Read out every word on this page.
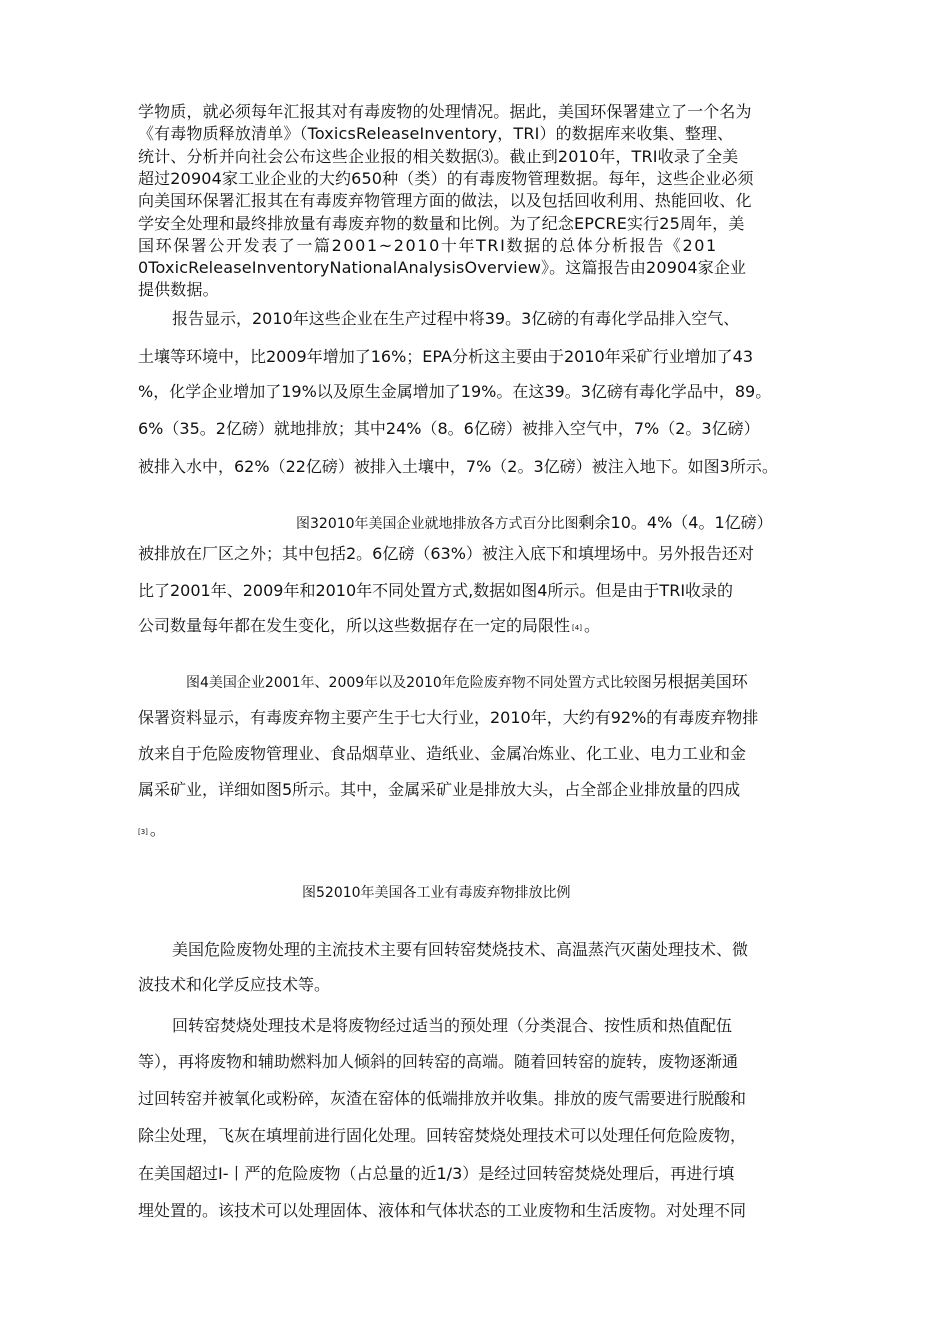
学物质，就必须每年汇报其对有毒废物的处理情况。据此，美国环保署建立了一个名为
《有毒物质释放清单》（ToxicsReleaseInventory，TRI）的数据库来收集、整理、
统计、分析并向社会公布这些企业报的相关数据⑶。截止到2010年，TRI收录了全美
超过20904家工业企业的大约650种（类）的有毒废物管理数据。每年，这些企业必须
向美国环保署汇报其在有毒废弃物管理方面的做法，以及包括回收利用、热能回收、化
学安全处理和最终排放量有毒废弃物的数量和比例。为了纪念EPCRE实行25周年，美
国环保署公开发表了一篇2001~2010十年TRI数据的总体分析报告《201
0ToxicReleaseInventoryNationalAnalysisOverview》。这篇报告由20904家企业
提供数据。
报告显示，2010年这些企业在生产过程中将39。3亿磅的有毒化学品排入空气、
土壤等环境中，比2009年增加了16%；EPA分析这主要由于2010年采矿行业增加了43
%，化学企业增加了19%以及原生金属增加了19%。在这39。3亿磅有毒化学品中，89。
6%（35。2亿磅）就地排放；其中24%（8。6亿磅）被排入空气中，7%（2。3亿磅）
被排入水中，62%（22亿磅）被排入土壤中，7%（2。3亿磅）被注入地下。如图3所示。
图32010年美国企业就地排放各方式百分比图剩余10。4%（4。1亿磅）
被排放在厂区之外；其中包括2。6亿磅（63%）被注入底下和填埋场中。另外报告还对
比了2001年、2009年和2010年不同处置方式,数据如图4所示。但是由于TRI收录的
公司数量每年都在发生变化，所以这些数据存在一定的局限性 [4] 。
图4美国企业2001年、2009年以及2010年危险废弃物不同处置方式比较图另根据美国环
保署资料显示，有毒废弃物主要产生于七大行业，2010年，大约有92%的有毒废弃物排
放来自于危险废物管理业、食品烟草业、造纸业、金属冶炼业、化工业、电力工业和金
属采矿业，详细如图5所示。其中，金属采矿业是排放大头，占全部企业排放量的四成
[3] 。
图52010年美国各工业有毒废弃物排放比例
美国危险废物处理的主流技术主要有回转窑焚烧技术、高温蒸汽灭菌处理技术、微
波技术和化学反应技术等。
回转窑焚烧处理技术是将废物经过适当的预处理（分类混合、按性质和热值配伍
等），再将废物和辅助燃料加人倾斜的回转窑的高端。随着回转窑的旋转，废物逐渐通
过回转窑并被氧化或粉碎，灰渣在窑体的低端排放并收集。排放的废气需要进行脱酸和
除尘处理，飞灰在填埋前进行固化处理。回转窑焚烧处理技术可以处理任何危险废物，
在美国超过I-丨严的危险废物（占总量的近1/3）是经过回转窑焚烧处理后，再进行填
埋处置的。该技术可以处理固体、液体和气体状态的工业废物和生活废物。对处理不同
